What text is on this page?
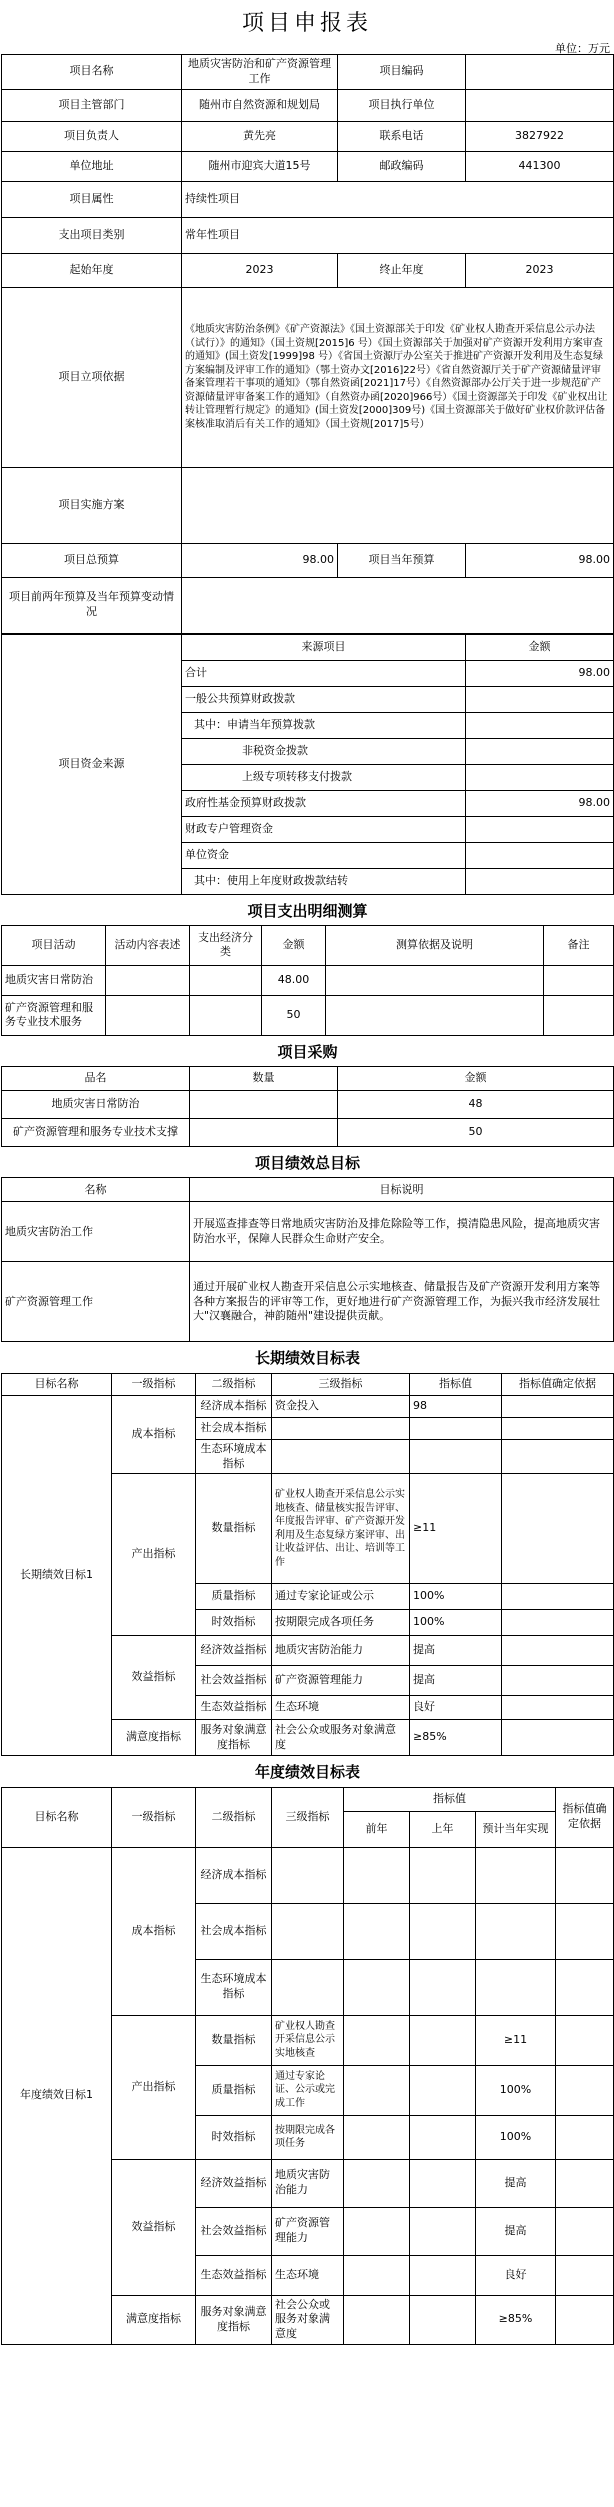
项目申报表
单位：万元
项目名称	地质灾害防治和矿产资源管理工作	项目编码	
项目主管部门	随州市自然资源和规划局	项目执行单位	
项目负责人	黄先亮	联系电话	3827922
单位地址	随州市迎宾大道15号	邮政编码	441300
项目属性	持续性项目		
支出项目类别	常年性项目		
起始年度	2023	终止年度	2023
项目立项依据	《地质灾害防治条例》《矿产资源法》《国土资源部关于印发《矿业权人勘查开采信息公示办法（试行）》的通知》（国土资规[2015]6 号）《国土资源部关于加强对矿产资源开发利用方案审查的通知》(国土资发[1999]98 号）《省国土资源厅办公室关于推进矿产资源开发利用及生态复绿方案编制及评审工作的通知》（鄂土资办文[2016]22号）《省自然资源厅关于矿产资源储量评审备案管理若干事项的通知》（鄂自然资函[2021]17号）《自然资源部办公厅关于进一步规范矿产资源储量评审备案工作的通知》（自然资办函[2020]966号）《国土资源部关于印发《矿业权出让转让管理暂行规定》的通知》(国土资发[2000]309号)《国土资源部关于做好矿业权价款评估备案核准取消后有关工作的通知》（国土资规[2017]5号）		
项目实施方案			
项目总预算	98.00	项目当年预算	98.00
项目前两年预算及当年预算变动情况			
项目资金来源	来源项目	金额
	合计	98.00
	一般公共预算财政拨款	
	其中：申请当年预算拨款	
	非税资金拨款	
	上级专项转移支付拨款	
	政府性基金预算财政拨款	98.00
	财政专户管理资金	
	单位资金	
	其中：使用上年度财政拨款结转	
项目支出明细测算					
项目活动	活动内容表述	支出经济分类	金额	测算依据及说明	备注
地质灾害日常防治			48.00		
矿产资源管理和服务专业技术服务			50		
项目采购		
品名	数量	金额
地质灾害日常防治		48
矿产资源管理和服务专业技术支撑		50
项目绩效总目标	
名称	目标说明
地质灾害防治工作	开展巡查排查等日常地质灾害防治及排危除险等工作，摸清隐患风险，提高地质灾害防治水平，保障人民群众生命财产安全。
矿产资源管理工作	通过开展矿业权人勘查开采信息公示实地核查、储量报告及矿产资源开发利用方案等各种方案报告的评审等工作，更好地进行矿产资源管理工作，为振兴我市经济发展壮大"汉襄融合，神韵随州"建设提供贡献。
长期绩效目标表					
目标名称	一级指标	二级指标	三级指标	指标值	指标值确定依据
长期绩效目标1	成本指标	经济成本指标	资金投入	98	
		社会成本指标			
		生态环境成本指标			
	产出指标	数量指标	矿业权人勘查开采信息公示实地核查、储量核实报告评审、年度报告评审、矿产资源开发利用及生态复绿方案评审、出让收益评估、出让、培训等工作	≥11	
		质量指标	通过专家论证或公示	100%	
		时效指标	按期限完成各项任务	100%	
	效益指标	经济效益指标	地质灾害防治能力	提高	
		社会效益指标	矿产资源管理能力	提高	
		生态效益指标	生态环境	良好	
	满意度指标	服务对象满意度指标	社会公众或服务对象满意度	≥85%	
年度绩效目标表							
目标名称	一级指标	二级指标	三级指标	指标值			指标值确定依据
				前年	上年	预计当年实现	
年度绩效目标1	成本指标	经济成本指标					
		社会成本指标					
		生态环境成本指标					
	产出指标	数量指标	矿业权人勘查开采信息公示实地核查			≥11	
		质量指标	通过专家论证、公示或完成工作			100%	
		时效指标	按期限完成各项任务			100%	
	效益指标	经济效益指标	地质灾害防治能力			提高	
		社会效益指标	矿产资源管理能力			提高	
		生态效益指标	生态环境			良好	
	满意度指标	服务对象满意度指标	社会公众或服务对象满意度			≥85%	
